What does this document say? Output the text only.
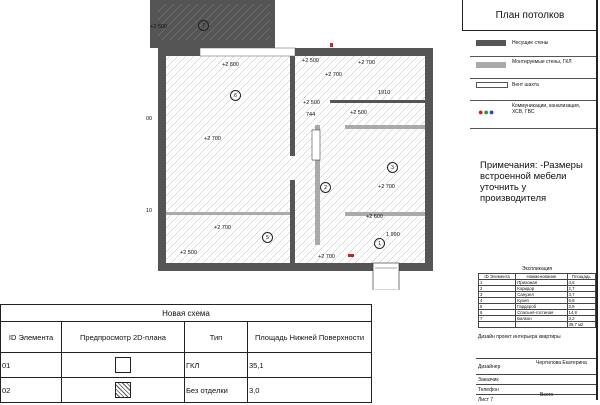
План потолков
+2 800	7
+2 800
+2 500
+2 700
+2 700
1910
+2 500
744	+2 500
6
+2 700
2
3
+2 700
+2 600
+2 700
5	1 990
1
+2 500
+2 700
00
10
Несущие стены
Монтируемые стены, ГКЛ
Вент шахта
●●●
Коммуникации, канализация, ХСВ, ГВС
Примечания: -Размеры встроенной мебели уточнить у производителя
Экспликация
ID Элемента	Наименование	Площадь
1	Прихожая	4,6
2	Коридор	2,7
3	Санузел	3,7
4	Кухня	6,8
5	Гардероб	3,9
6	Спальня-гостиная	14,8
7	Балкон	3,2
		39,7 м2
Дизайн проект интерьера квартиры
Дизайнер
Чертилова Екатерина
Заказчик
Телефон
Лист 7
Всего
Новая схема			
ID Элемента	Предпросмотр 2D-плана	Тип	Площадь Нижней Поверхности
01		ГКЛ	35,1
02		Без отделки	3,0
